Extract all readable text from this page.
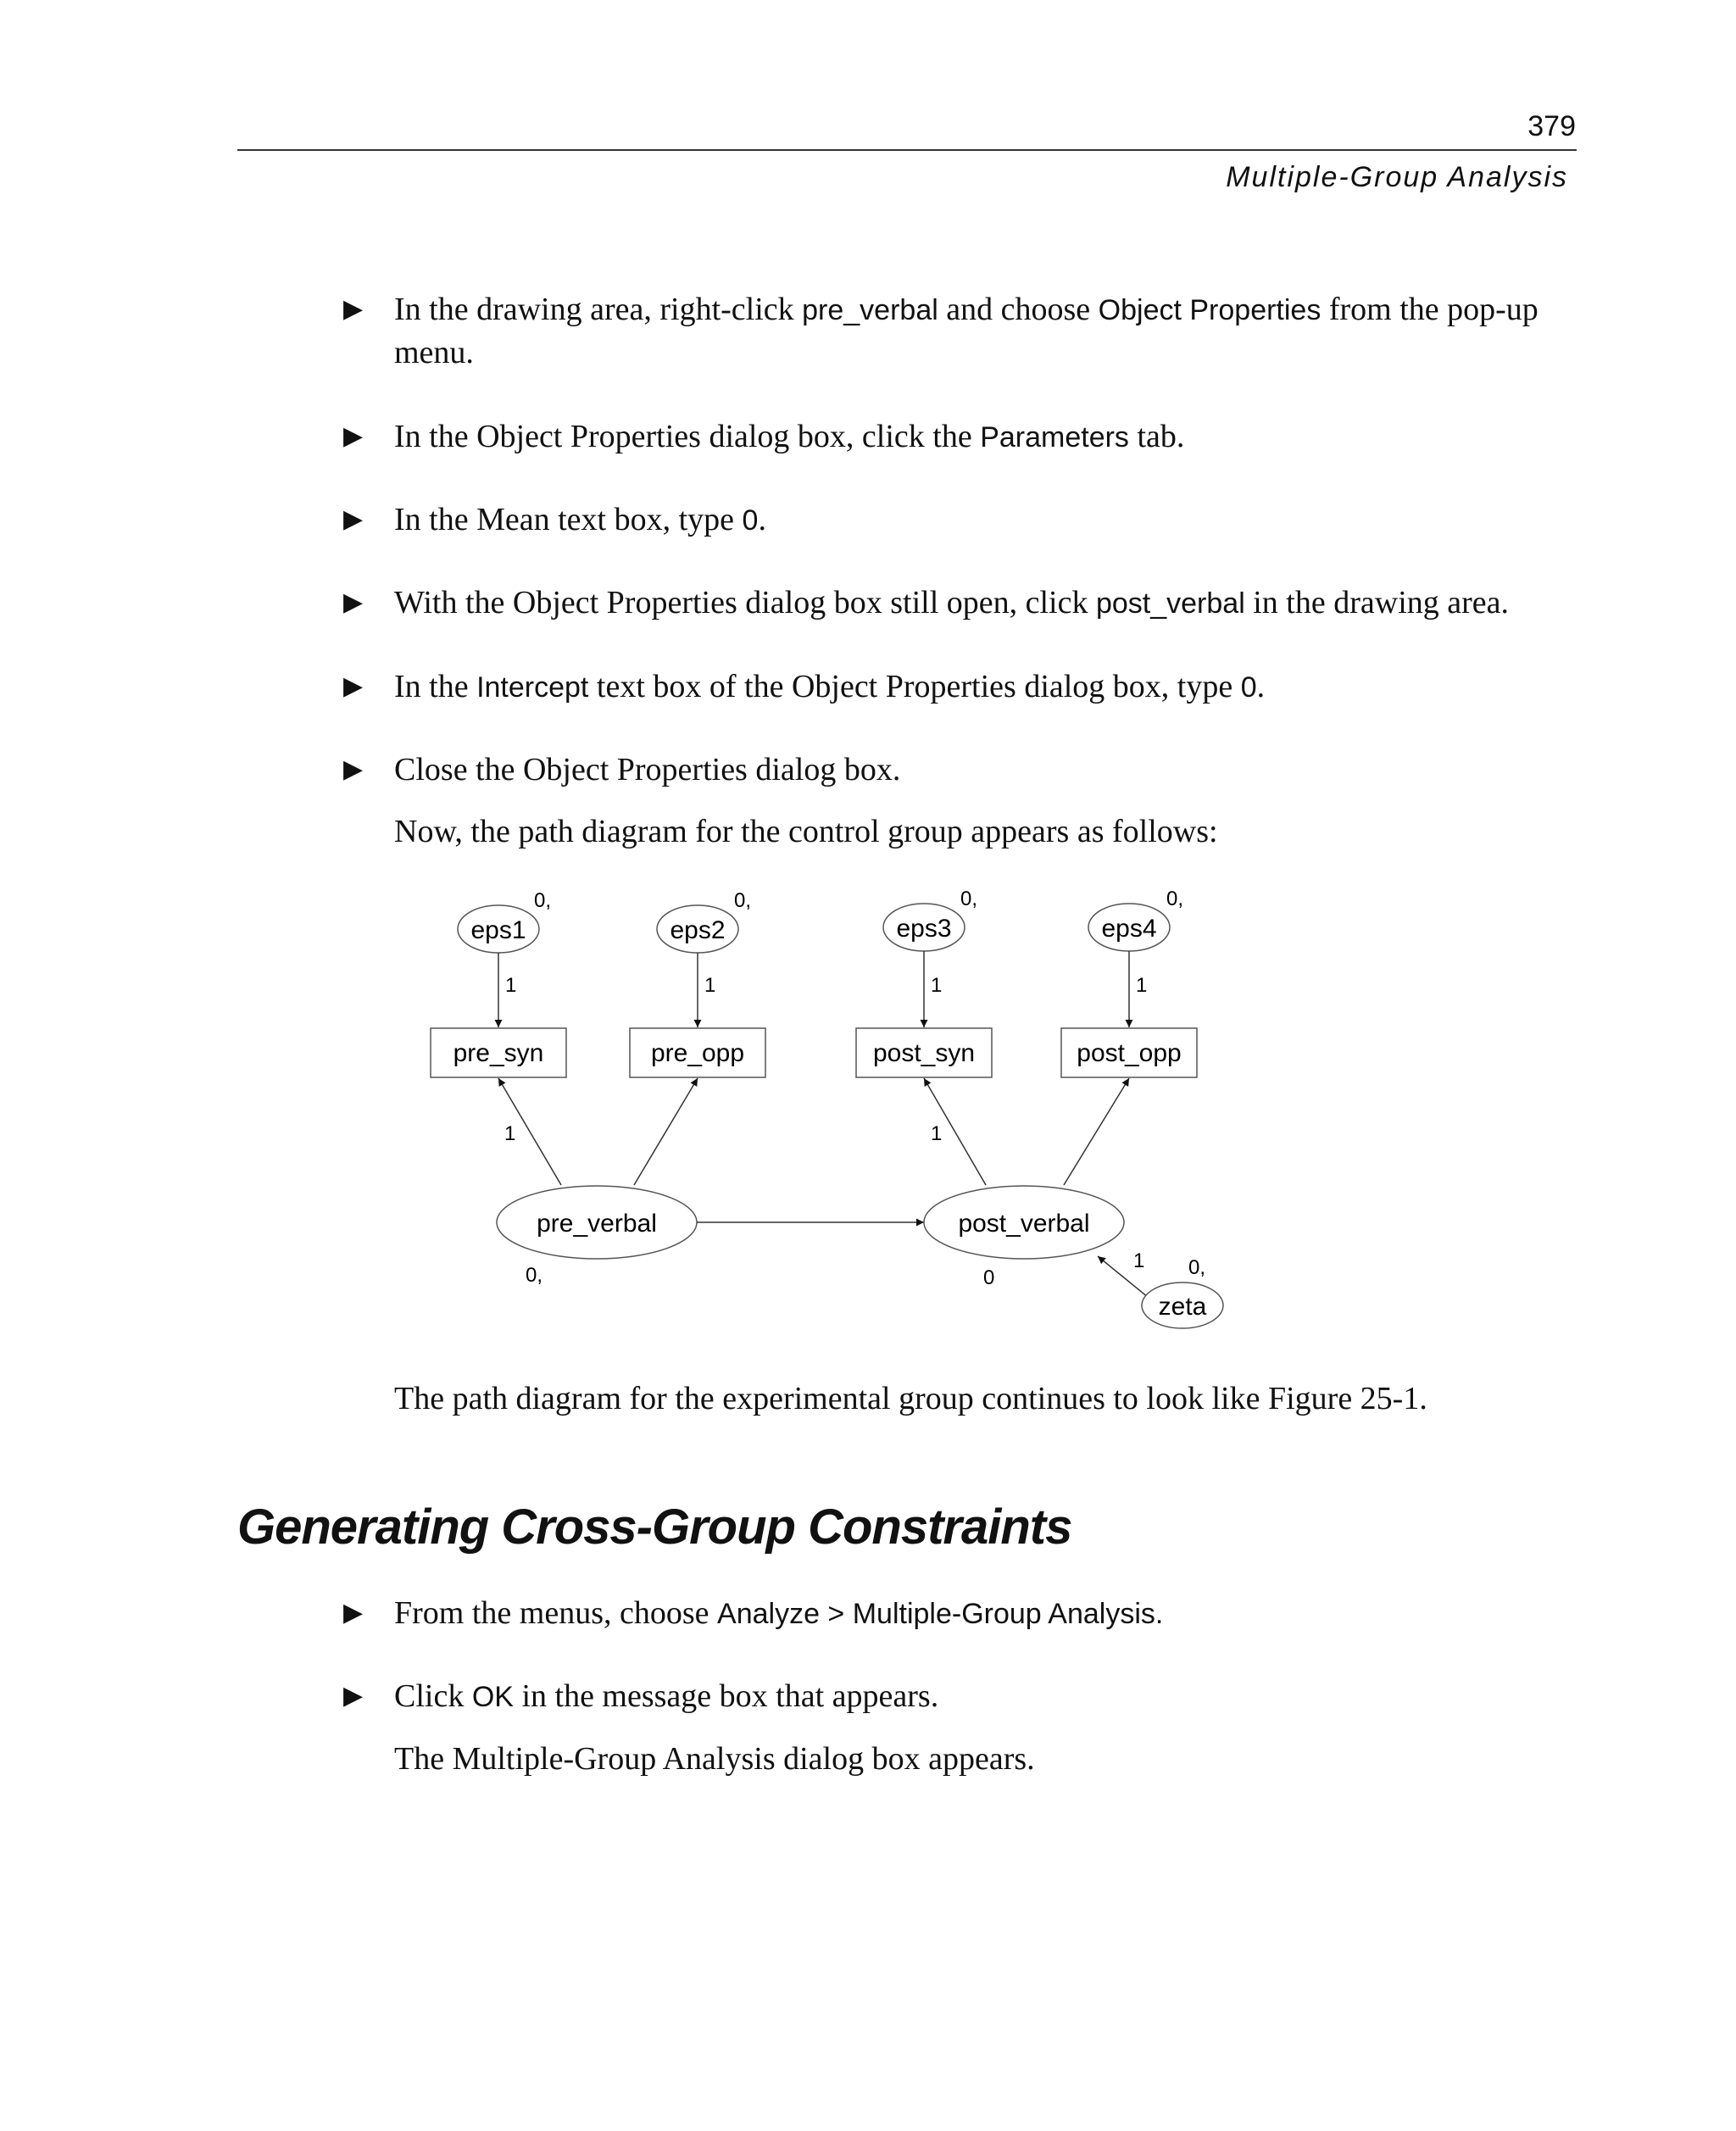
379
Multiple-Group Analysis
▶ In the drawing area, right-click pre_verbal and choose Object Properties from the pop-up menu.
▶ In the Object Properties dialog box, click the Parameters tab.
▶ In the Mean text box, type 0.
▶ With the Object Properties dialog box still open, click post_verbal in the drawing area.
▶ In the Intercept text box of the Object Properties dialog box, type 0.
▶ Close the Object Properties dialog box.
Now, the path diagram for the control group appears as follows:
eps1
0,
eps2
0,
eps3
0,
eps4
0,
1	1	1	1
pre_syn	pre_opp	post_syn	post_opp
1	1
pre_verbal
0,
post_verbal
0
1 0,
zeta
The path diagram for the experimental group continues to look like Figure 25-1.
Generating Cross-Group Constraints
▶ From the menus, choose Analyze > Multiple-Group Analysis.
▶ Click OK in the message box that appears.
The Multiple-Group Analysis dialog box appears.
